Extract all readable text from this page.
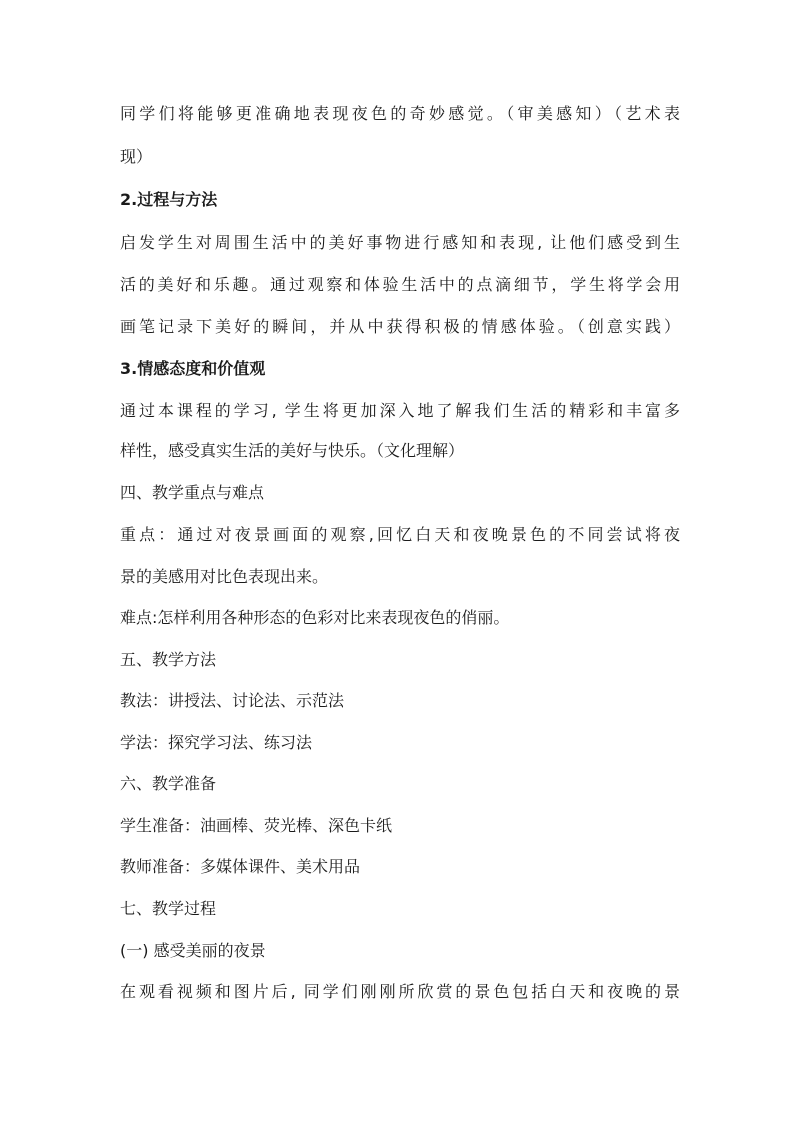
同学们将能够更准确地表现夜色的奇妙感觉。（审美感知）（艺术表
现）
2.过程与方法
启发学生对周围生活中的美好事物进行感知和表现, 让他们感受到生
活的美好和乐趣。通过观察和体验生活中的点滴细节，学生将学会用
画笔记录下美好的瞬间，并从中获得积极的情感体验。（创意实践）
3.情感态度和价值观
通过本课程的学习, 学生将更加深入地了解我们生活的精彩和丰富多
样性，感受真实生活的美好与快乐。（文化理解）
四、教学重点与难点
重点：通过对夜景画面的观察,回忆白天和夜晚景色的不同尝试将夜
景的美感用对比色表现出来。
难点:怎样利用各种形态的色彩对比来表现夜色的俏丽。
五、教学方法
教法：讲授法、讨论法、示范法
学法：探究学习法、练习法
六、教学准备
学生准备：油画棒、荧光棒、深色卡纸
教师准备：多媒体课件、美术用品
七、教学过程
(一) 感受美丽的夜景
在观看视频和图片后, 同学们刚刚所欣赏的景色包括白天和夜晚的景
